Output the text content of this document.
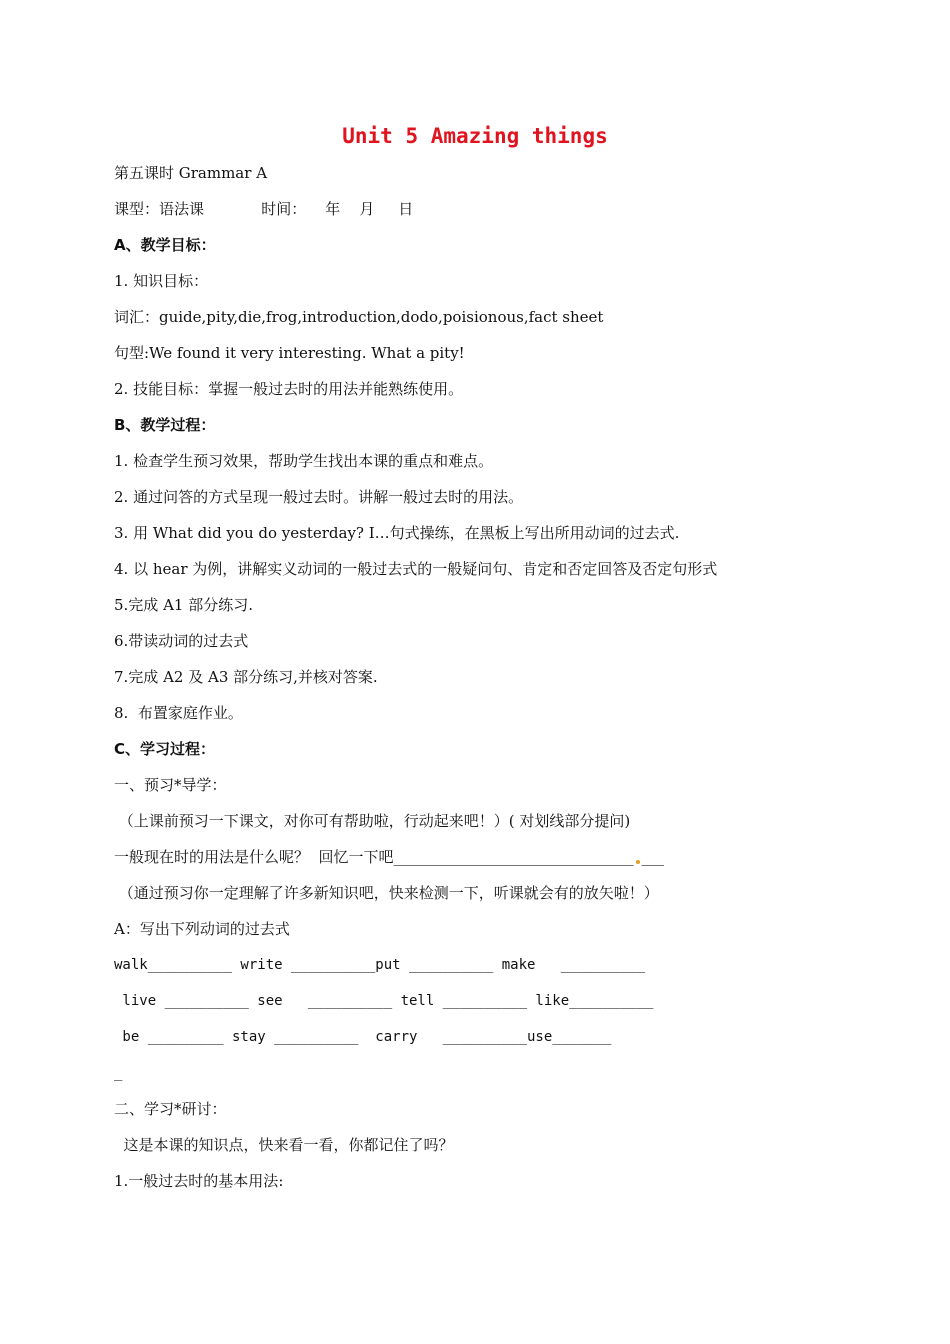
Unit 5 Amazing things
第五课时 Grammar A
课型：语法课            时间：    年    月     日
A、教学目标：
1. 知识目标：
词汇：guide,pity,die,frog,introduction,dodo,poisionous,fact sheet
句型:We found it very interesting. What a pity!
2. 技能目标：掌握一般过去时的用法并能熟练使用。
B、教学过程：
1. 检查学生预习效果，帮助学生找出本课的重点和难点。
2. 通过问答的方式呈现一般过去时。讲解一般过去时的用法。
3. 用 What did you do yesterday? I…句式操练，在黑板上写出所用动词的过去式.
4. 以 hear 为例，讲解实义动词的一般过去式的一般疑问句、肯定和否定回答及否定句形式
5.完成 A1 部分练习.
6.带读动词的过去式
7.完成 A2 及 A3 部分练习,并核对答案.
8.  布置家庭作业。
C、学习过程：
一、预习*导学：
（上课前预习一下课文，对你可有帮助啦，行动起来吧！）( 对划线部分提问)
一般现在时的用法是什么呢？  回忆一下吧________________________________ ___
（通过预习你一定理解了许多新知识吧，快来检测一下，听课就会有的放矢啦！）
A：写出下列动词的过去式
walk__________ write __________put __________ make   __________
live __________ see   __________ tell __________ like__________
be _________ stay __________  carry   __________use_______
_
二、学习*研讨：
这是本课的知识点，快来看一看，你都记住了吗？
1.一般过去时的基本用法:
